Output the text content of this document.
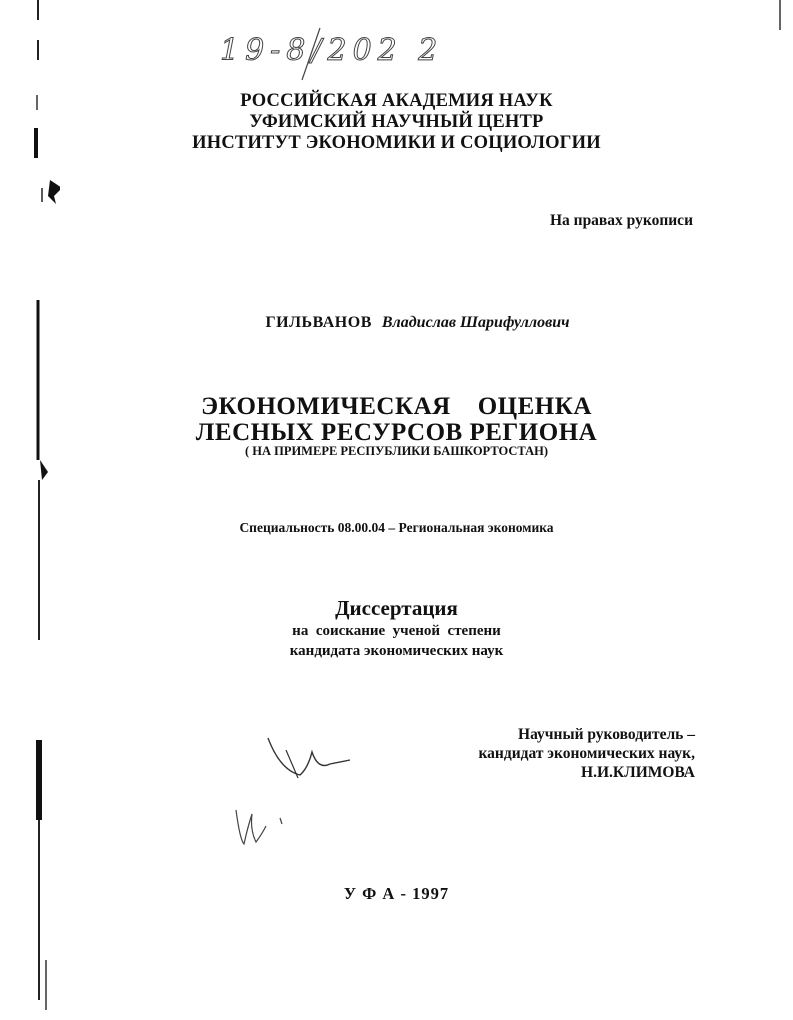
19-8/202 2
РОССИЙСКАЯ АКАДЕМИЯ НАУК
УФИМСКИЙ НАУЧНЫЙ ЦЕНТР
ИНСТИТУТ ЭКОНОМИКИ И СОЦИОЛОГИИ
На правах рукописи
ГИЛЬВАНОВ Владислав Шарифуллович
ЭКОНОМИЧЕСКАЯ    ОЦЕНКА
ЛЕСНЫХ РЕСУРСОВ РЕГИОНА
( НА ПРИМЕРЕ РЕСПУБЛИКИ БАШКОРТОСТАН)
Специальность 08.00.04 – Региональная экономика
Диссертация
на  соискание  ученой  степени
кандидата экономических наук
Научный руководитель –
кандидат экономических наук,
Н.И.КЛИМОВА
У Ф А - 1997
